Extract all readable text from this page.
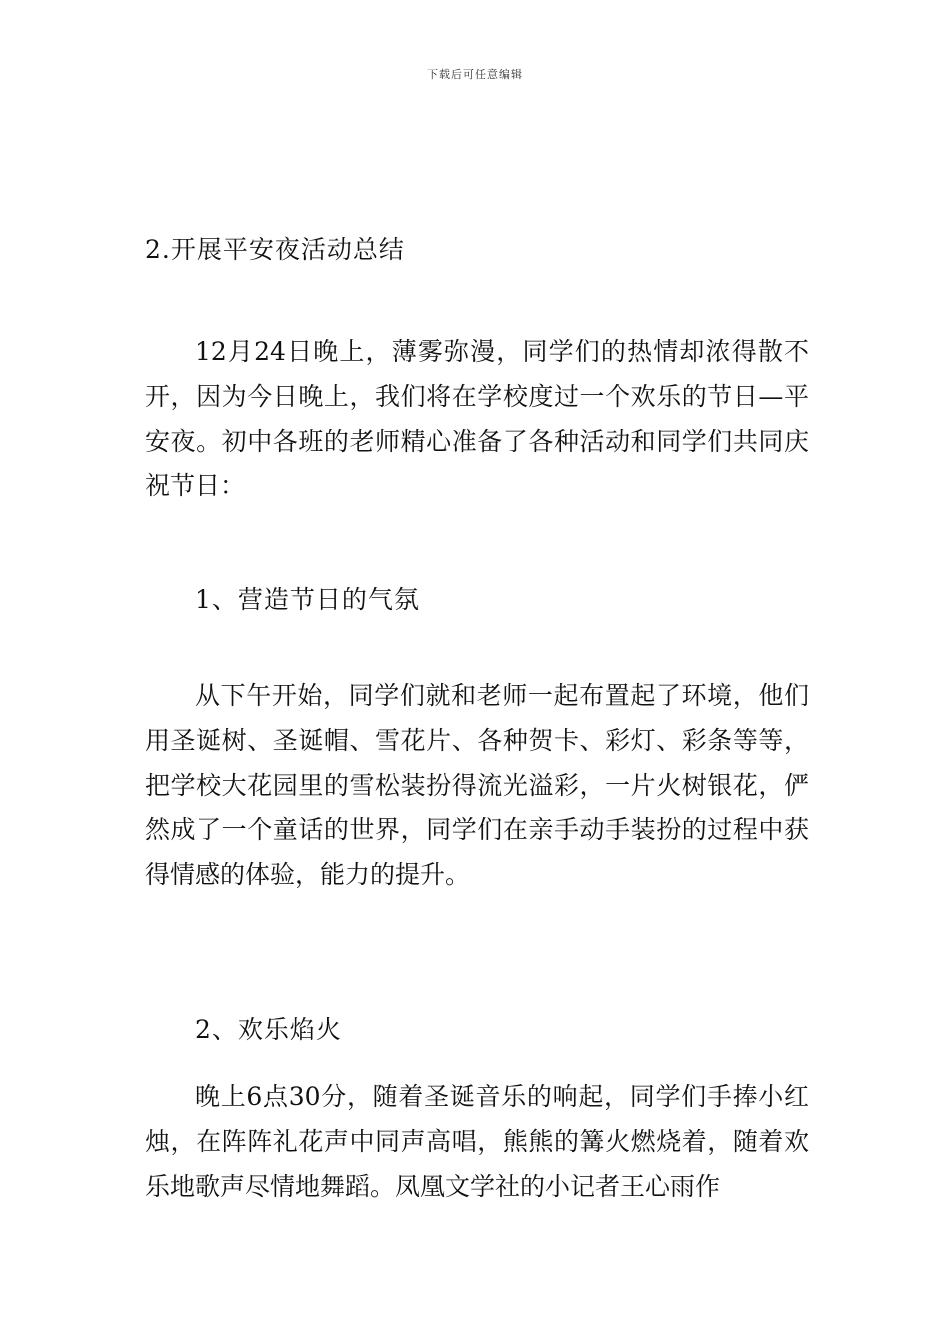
下载后可任意编辑
2.开展平安夜活动总结

12月24日晚上，薄雾弥漫，同学们的热情却浓得散不开，因为今日晚上，我们将在学校度过一个欢乐的节日—平安夜。初中各班的老师精心准备了各种活动和同学们共同庆祝节日：

1、营造节日的气氛

从下午开始，同学们就和老师一起布置起了环境，他们用圣诞树、圣诞帽、雪花片、各种贺卡、彩灯、彩条等等，把学校大花园里的雪松装扮得流光溢彩，一片火树银花，俨然成了一个童话的世界，同学们在亲手动手装扮的过程中获得情感的体验，能力的提升。

2、欢乐焰火

晚上6点30分，随着圣诞音乐的响起，同学们手捧小红烛，在阵阵礼花声中同声高唱，熊熊的篝火燃烧着，随着欢乐地歌声尽情地舞蹈。凤凰文学社的小记者王心雨作
